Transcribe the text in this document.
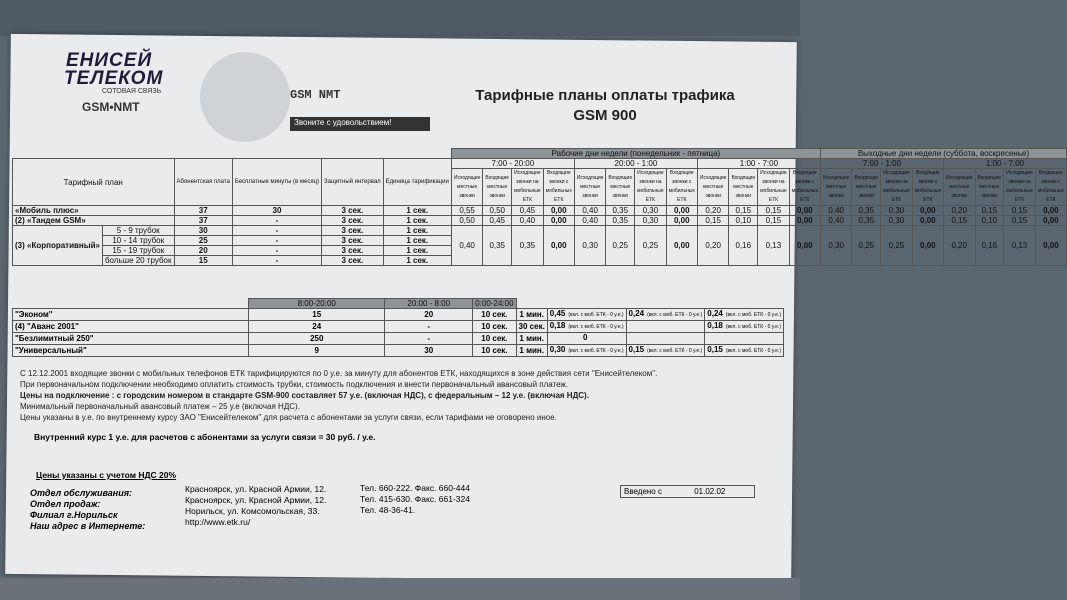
ЕНИСЕЙ
ТЕЛЕКОМ
СОТОВАЯ СВЯЗЬ
GSM•NMT
GSM NMT
Звоните с удовольствием!
Тарифные планы оплаты трафика
GSM 900
						Рабочие дни недели (понедельник - пятница)												Выходные дни недели (суббота, воскресенье)							
Тарифный план		Абонентская плата	Бесплатные минуты (в месяц)	Защитный интервал	Единица тарификации	7:00 - 20:00				20:00 - 1:00				1:00 - 7:00				7:00 - 1:00				1:00 - 7:00			
						Исходящие местные звонки	Входящие местные звонки	Исходящие звонки на мобильные ЕТК	Входящие звонки с мобильных ЕТК	Исходящие местные звонки	Входящие местные звонки	Исходящие звонки на мобильные ЕТК	Входящие звонки с мобильных ЕТК	Исходящие местные звонки	Входящие местные звонки	Исходящие звонки на мобильные ЕТК	Входящие звонки с мобильных ЕТК	Исходящие местные звонки	Входящие местные звонки	Исходящие звонки на мобильные ЕТК	Входящие звонки с мобильных ЕТК	Исходящие местные звонки	Входящие местные звонки	Исходящие звонки на мобильные ЕТК	Входящие звонки с мобильных ЕТК
«Мобиль плюс»		37	30	3 сек.	1 сек.	0,55	0,50	0,45	0,00	0,40	0,35	0,30	0,00	0,20	0,15	0,15	0,00	0,40	0,35	0,30	0,00	0,20	0,15	0,15	0,00
(2) «Тандем GSM»		37	-	3 сек.	1 сек.	0,50	0,45	0,40	0,00	0,40	0,35	0,30	0,00	0,15	0,10	0,15	0,00	0,40	0,35	0,30	0,00	0,15	0,10	0,15	0,00
(3) «Корпоративный»	5 - 9 трубок	30	-	3 сек.	1 сек.	0,40	0,35	0,35	0,00	0,30	0,25	0,25	0,00	0,20	0,16	0,13	0,00	0,30	0,25	0,25	0,00	0,20	0,16	0,13	0,00
	10 - 14 трубок	25	-	3 сек.	1 сек.																				
	15 - 19 трубок	20	-	3 сек.	1 сек.																				
	больше 20 трубок	15	-	3 сек.	1 сек.																				
	8:00-20:00	20:00 - 8:00	0:00-24:00				
"Эконом"	15	20	10 сек.	1 мин.	0,45 (вкл. с моб. ЕТК - 0 у.е.)	0,24 (вкл. с моб. ЕТК - 0 у.е.)	0,24 (вкл. с моб. ЕТК - 0 у.е.)
(4) "Аванс 2001"	24	-	10 сек.	30 сек.	0,18 (вкл. с моб. ЕТК - 0 у.е.)		0,18 (вкл. с моб. ЕТК - 0 у.е.)
"Безлимитный 250"	250	-	10 сек.	1 мин.	0		
"Универсальный"	9	30	10 сек.	1 мин.	0,30 (вкл. с моб. ЕТК - 0 у.е.)	0,15 (вкл. с моб. ЕТК - 0 у.е.)	0,15 (вкл. с моб. ЕТК - 0 у.е.)

С 12.12.2001 входящие звонки с мобильных телефонов ЕТК тарифицируются по 0 у.е. за минуту для абонентов ЕТК, находящихся в зоне действия сети "Енисейтелеком".

При первоначальном подключении необходимо оплатить стоимость трубки, стоимость подключения и внести первоначальный авансовый платеж.

Цены на подключение : с городским номером в стандарте GSM-900 составляет 57 у.е. (включая НДС), с федеральным – 12 у.е. (включая НДС).

Минимальный первоначальный авансовый платеж – 25 у.е (включая НДС).

Цены указаны в у.е. по внутреннему курсу ЗАО "Енисейтелеком" для расчета с абонентами за услуги связи, если тарифами не оговорено иное.

Внутренний курс 1 у.е. для расчетов с абонентами за услуги связи = 30 руб. / у.е.
Цены указаны с учетом НДС 20%
Отдел обслуживания:
Отдел продаж:
Филиал г.Норильск
Наш адрес в Интернете:
Красноярск, ул. Красной Армии, 12.
Красноярск, ул. Красной Армии, 12.
Норильск, ул. Комсомольская, 33.
http://www.etk.ru/
Тел. 660-222. Факс. 660-444
Тел. 415-630. Факс. 661-324
Тел. 48-36-41.
Введено с	01.02.02
